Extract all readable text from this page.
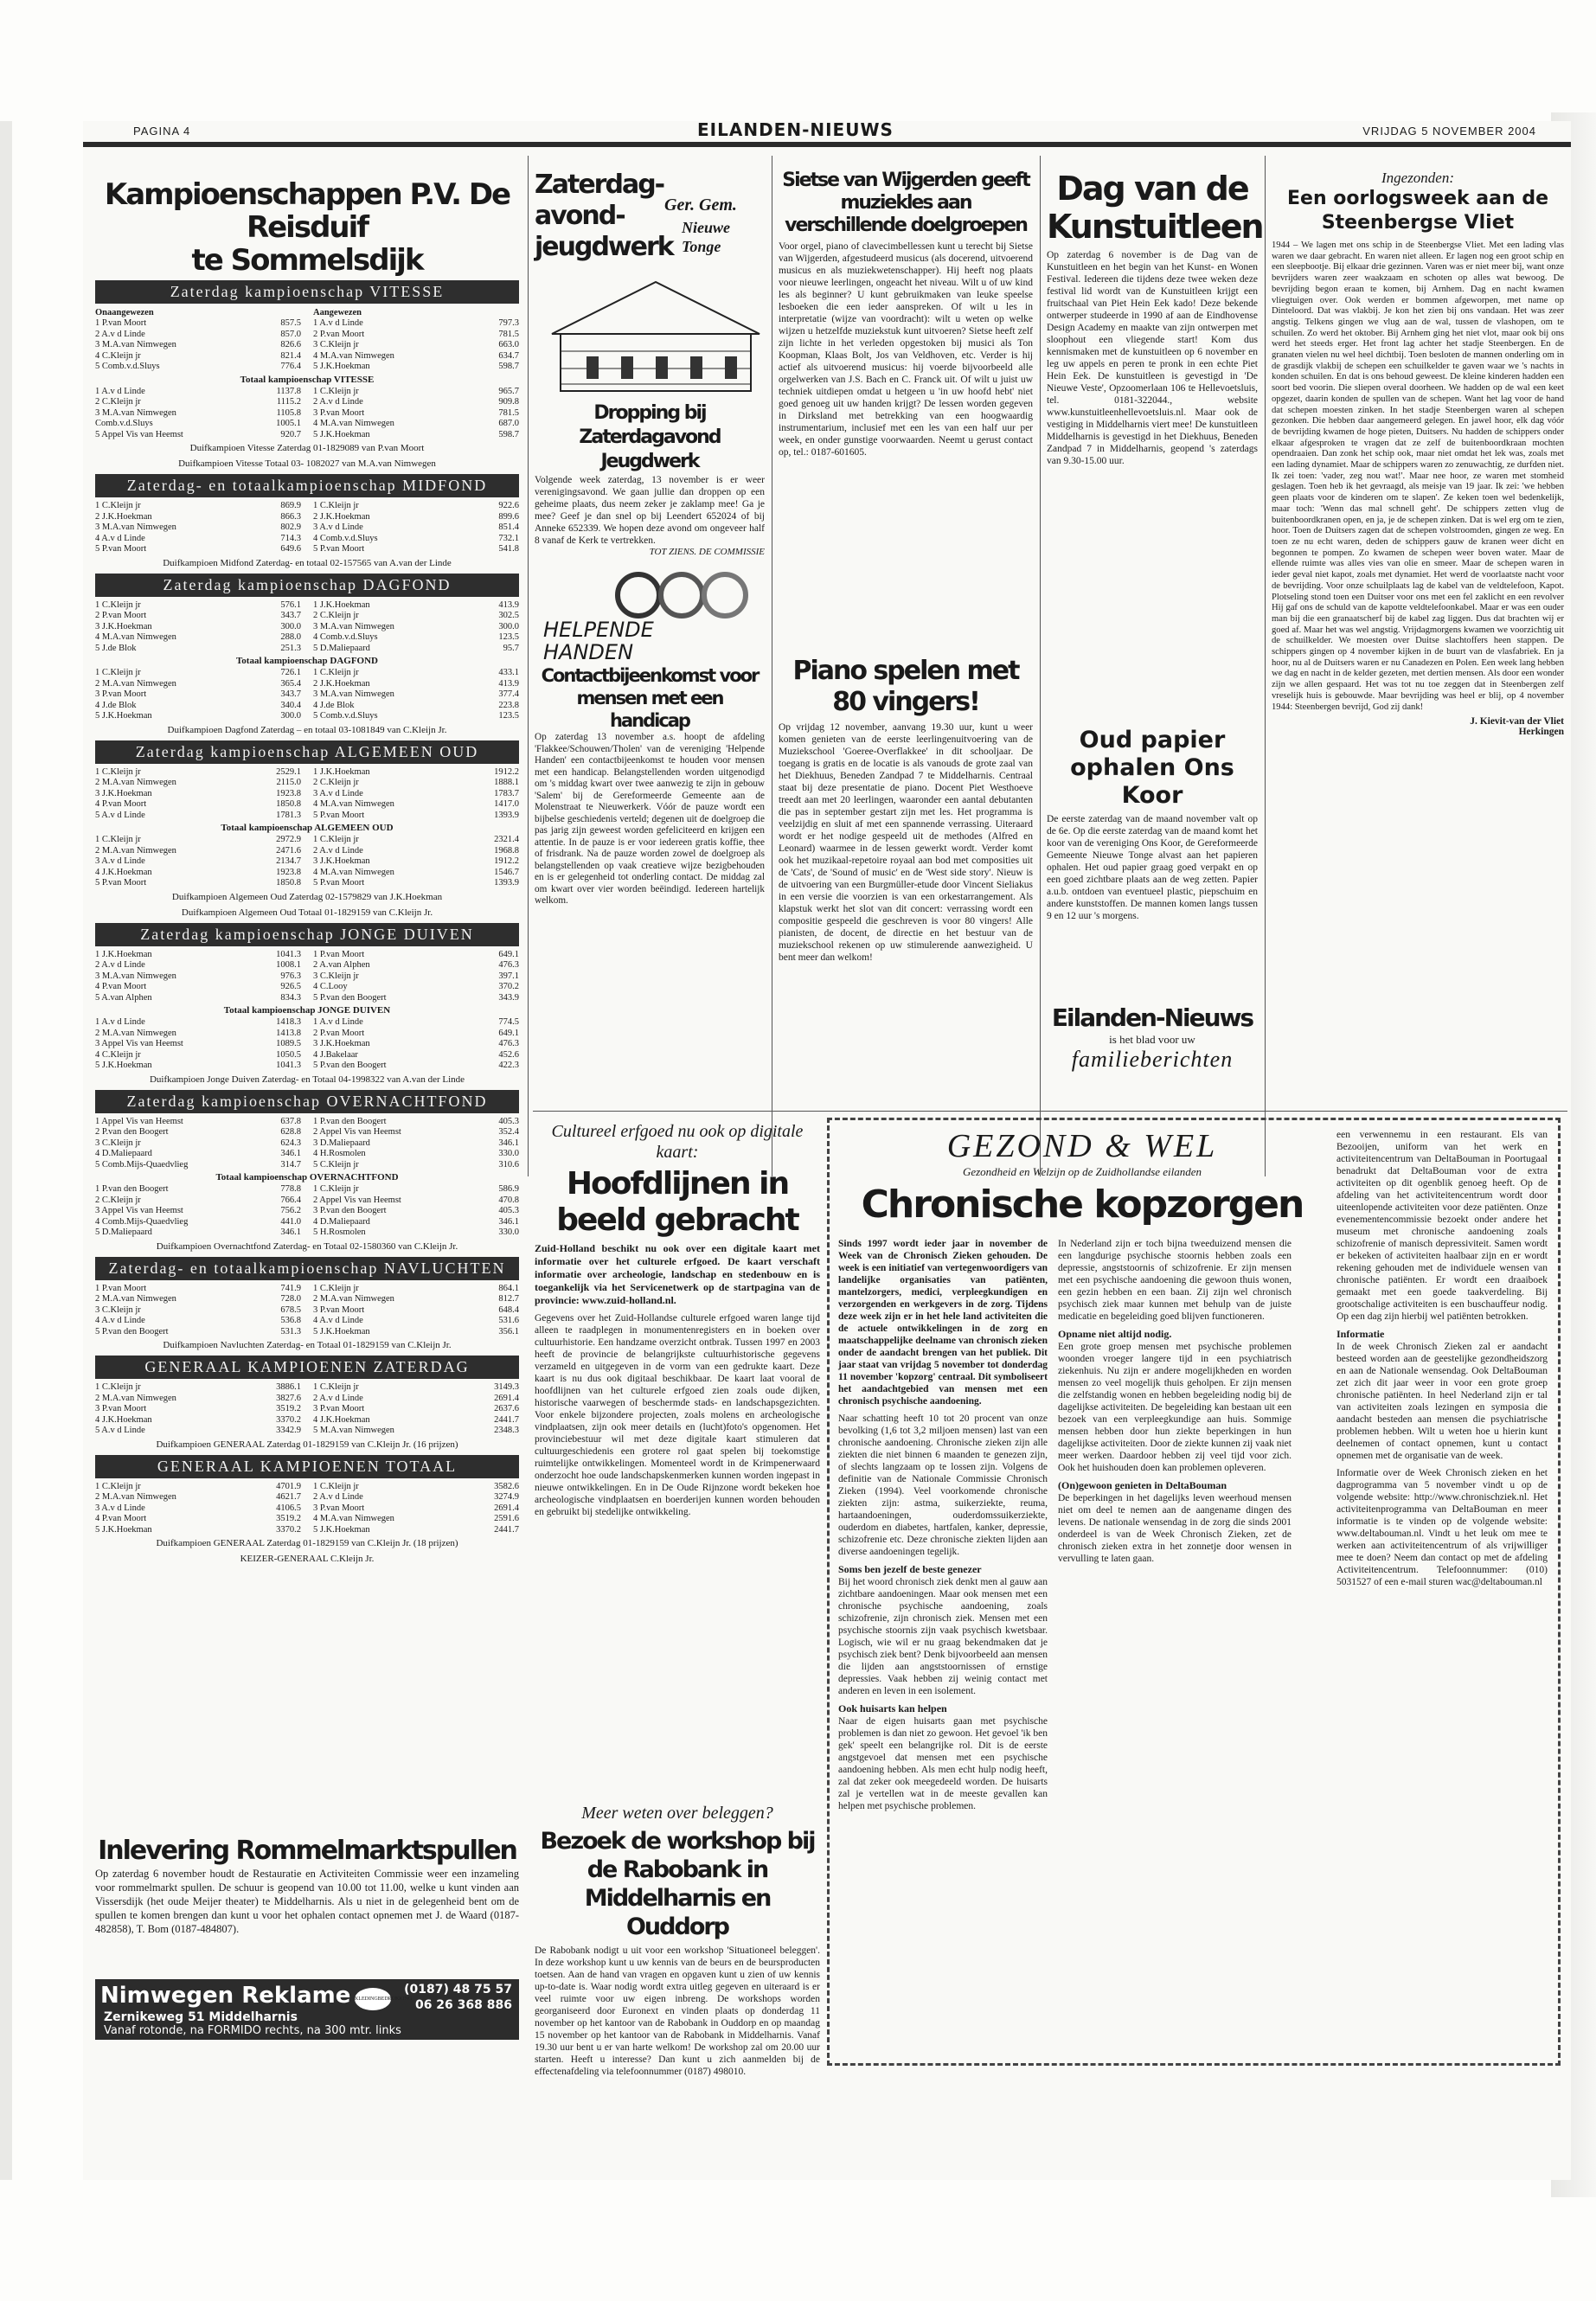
PAGINA 4	EILANDEN-NIEUWS	VRIJDAG 5 NOVEMBER 2004
Kampioenschappen P.V. De Reisduif
te Sommelsdijk
Zaterdag kampioenschap VITESSE
Onaangewezen	Aangewezen
1 P.van Moort	857.5
2 A.v d Linde	857.0
3 M.A.van Nimwegen	826.6
4 C.Kleijn jr	821.4
5 Comb.v.d.Sluys	776.4
1 A.v d Linde	797.3
2 P.van Moort	781.5
3 C.Kleijn jr	663.0
4 M.A.van Nimwegen	634.7
5 J.K.Hoekman	598.7
Totaal kampioenschap VITESSE
1 A.v d Linde	1137.8
2 C.Kleijn jr	1115.2
3 M.A.van Nimwegen	1105.8
Comb.v.d.Sluys	1005.1
5 Appel Vis van Heemst	920.7
1 C.Kleijn jr	965.7
2 A.v d Linde	909.8
3 P.van Moort	781.5
4 M.A.van Nimwegen	687.0
5 J.K.Hoekman	598.7
Duifkampioen Vitesse Zaterdag 01-1829089 van P.van Moort
Duifkampioen Vitesse Totaal 03- 1082027 van M.A.van Nimwegen
Zaterdag- en totaalkampioenschap MIDFOND
1 C.Kleijn jr	869.9
2 J.K.Hoekman	866.3
3 M.A.van Nimwegen	802.9
4 A.v d Linde	714.3
5 P.van Moort	649.6
1 C.Kleijn jr	922.6
2 J.K.Hoekman	899.6
3 A.v d Linde	851.4
4 Comb.v.d.Sluys	732.1
5 P.van Moort	541.8
Duifkampioen Midfond Zaterdag- en totaal 02-157565 van A.van der Linde
Zaterdag kampioenschap DAGFOND
1 C.Kleijn jr	576.1
2 P.van Moort	343.7
3 J.K.Hoekman	300.0
4 M.A.van Nimwegen	288.0
5 J.de Blok	251.3
1 J.K.Hoekman	413.9
2 C.Kleijn jr	302.5
3 M.A.van Nimwegen	300.0
4 Comb.v.d.Sluys	123.5
5 D.Maliepaard	95.7
Totaal kampioenschap DAGFOND
1 C.Kleijn jr	726.1
2 M.A.van Nimwegen	365.4
3 P.van Moort	343.7
4 J.de Blok	340.4
5 J.K.Hoekman	300.0
1 C.Kleijn jr	433.1
2 J.K.Hoekman	413.9
3 M.A.van Nimwegen	377.4
4 J.de Blok	223.8
5 Comb.v.d.Sluys	123.5
Duifkampioen Dagfond Zaterdag – en totaal 03-1081849 van C.Kleijn Jr.
Zaterdag kampioenschap ALGEMEEN OUD
1 C.Kleijn jr	2529.1
2 M.A.van Nimwegen	2115.0
3 J.K.Hoekman	1923.8
4 P.van Moort	1850.8
5 A.v d Linde	1781.3
1 J.K.Hoekman	1912.2
2 C.Kleijn jr	1888.1
3 A.v d Linde	1783.7
4 M.A.van Nimwegen	1417.0
5 P.van Moort	1393.9
Totaal kampioenschap ALGEMEEN OUD
1 C.Kleijn jr	2972.9
2 M.A.van Nimwegen	2471.6
3 A.v d Linde	2134.7
4 J.K.Hoekman	1923.8
5 P.van Moort	1850.8
1 C.Kleijn jr	2321.4
2 A.v d Linde	1968.8
3 J.K.Hoekman	1912.2
4 M.A.van Nimwegen	1546.7
5 P.van Moort	1393.9
Duifkampioen Algemeen Oud Zaterdag 02-1579829 van J.K.Hoekman
Duifkampioen Algemeen Oud Totaal 01-1829159 van C.Kleijn Jr.
Zaterdag kampioenschap JONGE DUIVEN
1 J.K.Hoekman	1041.3
2 A.v d Linde	1008.1
3 M.A.van Nimwegen	976.3
4 P.van Moort	926.5
5 A.van Alphen	834.3
1 P.van Moort	649.1
2 A.van Alphen	476.3
3 C.Kleijn jr	397.1
4 C.Looy	370.2
5 P.van den Boogert	343.9
Totaal kampioenschap JONGE DUIVEN
1 A.v d Linde	1418.3
2 M.A.van Nimwegen	1413.8
3 Appel Vis van Heemst	1089.5
4 C.Kleijn jr	1050.5
5 J.K.Hoekman	1041.3
1 A.v d Linde	774.5
2 P.van Moort	649.1
3 J.K.Hoekman	476.3
4 J.Bakelaar	452.6
5 P.van den Boogert	422.3
Duifkampioen Jonge Duiven Zaterdag- en Totaal 04-1998322 van A.van der Linde
Zaterdag kampioenschap OVERNACHTFOND
1 Appel Vis van Heemst	637.8
2 P.van den Boogert	628.8
3 C.Kleijn jr	624.3
4 D.Maliepaard	346.1
5 Comb.Mijs-Quaedvlieg	314.7
1 P.van den Boogert	405.3
2 Appel Vis van Heemst	352.4
3 D.Maliepaard	346.1
4 H.Rosmolen	330.0
5 C.Kleijn jr	310.6
Totaal kampioenschap OVERNACHTFOND
1 P.van den Boogert	778.8
2 C.Kleijn jr	766.4
3 Appel Vis van Heemst	756.2
4 Comb.Mijs-Quaedvlieg	441.0
5 D.Maliepaard	346.1
1 C.Kleijn jr	586.9
2 Appel Vis van Heemst	470.8
3 P.van den Boogert	405.3
4 D.Maliepaard	346.1
5 H.Rosmolen	330.0
Duifkampioen Overnachtfond Zaterdag- en Totaal 02-1580360 van C.Kleijn Jr.
Zaterdag- en totaalkampioenschap NAVLUCHTEN
1 P.van Moort	741.9
2 M.A.van Nimwegen	728.0
3 C.Kleijn jr	678.5
4 A.v d Linde	536.8
5 P.van den Boogert	531.3
1 C.Kleijn jr	864.1
2 M.A.van Nimwegen	812.7
3 P.van Moort	648.4
4 A.v d Linde	531.6
5 J.K.Hoekman	356.1
Duifkampioen Navluchten Zaterdag- en Totaal 01-1829159 van C.Kleijn Jr.
GENERAAL KAMPIOENEN ZATERDAG
1 C.Kleijn jr	3886.1
2 M.A.van Nimwegen	3827.6
3 P.van Moort	3519.2
4 J.K.Hoekman	3370.2
5 A.v d Linde	3342.9
1 C.Kleijn jr	3149.3
2 A.v d Linde	2691.4
3 P.van Moort	2637.6
4 J.K.Hoekman	2441.7
5 M.A.van Nimwegen	2348.3
Duifkampioen GENERAAL Zaterdag 01-1829159 van C.Kleijn Jr. (16 prijzen)
GENERAAL KAMPIOENEN TOTAAL
1 C.Kleijn jr	4701.9
2 M.A.van Nimwegen	4621.7
3 A.v d Linde	4106.5
4 P.van Moort	3519.2
5 J.K.Hoekman	3370.2
1 C.Kleijn jr	3582.6
2 A.v d Linde	3274.9
3 P.van Moort	2691.4
4 M.A.van Nimwegen	2591.6
5 J.K.Hoekman	2441.7
Duifkampioen GENERAAL Zaterdag 01-1829159 van C.Kleijn Jr. (18 prijzen)
KEIZER-GENERAAL C.Kleijn Jr.
Inlevering Rommelmarktspullen
Op zaterdag 6 november houdt de Restauratie en Activiteiten Commissie weer een inzameling voor rommelmarkt spullen. De schuur is geopend van 10.00 tot 11.00, welke u kunt vinden aan Vissersdijk (het oude Meijer theater) te Middelharnis. Als u niet in de gelegenheid bent om de spullen te komen brengen dan kunt u voor het ophalen contact opnemen met J. de Waard (0187-482858), T. Bom (0187-484807).
Nimwegen Reklame
Zernikeweg 51 Middelharnis
KLEDINGBEDRUKKING
(0187) 48 75 57
06 26 368 886
Vanaf rotonde, na FORMIDO rechts, na 300 mtr. links
Zaterdag-avond-jeugdwerk
Ger. Gem.
Nieuwe Tonge
Dropping bij Zaterdagavond Jeugdwerk
Volgende week zaterdag, 13 november is er weer verenigingsavond. We gaan jullie dan droppen op een geheime plaats, dus neem zeker je zaklamp mee! Ga je mee? Geef je dan snel op bij Leendert 652024 of bij Anneke 652339. We hopen deze avond om ongeveer half 8 vanaf de Kerk te vertrekken.
TOT ZIENS. DE COMMISSIE
HELPENDE
HANDEN
Contactbijeenkomst voor mensen met een handicap
Op zaterdag 13 november a.s. hoopt de afdeling 'Flakkee/Schouwen/Tholen' van de vereniging 'Helpende Handen' een contactbijeenkomst te houden voor mensen met een handicap. Belangstellenden worden uitgenodigd om 's middag kwart over twee aanwezig te zijn in gebouw 'Salem' bij de Gereformeerde Gemeente aan de Molenstraat te Nieuwerkerk. Vóór de pauze wordt een bijbelse geschiedenis verteld; degenen uit de doelgroep die pas jarig zijn geweest worden gefeliciteerd en krijgen een attentie. In de pauze is er voor iedereen gratis koffie, thee of frisdrank. Na de pauze worden zowel de doelgroep als belangstellenden op vaak creatieve wijze bezigbehouden en is er gelegenheid tot onderling contact. De middag zal om kwart over vier worden beëindigd. Iedereen hartelijk welkom.
Sietse van Wijgerden geeft muziekles aan verschillende doelgroepen
Voor orgel, piano of clavecimbellessen kunt u terecht bij Sietse van Wijgerden, afgestudeerd musicus (als docerend, uitvoerend musicus en als muziekwetenschapper). Hij heeft nog plaats voor nieuwe leerlingen, ongeacht het niveau. Wilt u of uw kind les als beginner? U kunt gebruikmaken van leuke speelse lesboeken die een ieder aanspreken. Of wilt u les in interpretatie (wijze van voordracht): wilt u weten op welke wijzen u hetzelfde muziekstuk kunt uitvoeren? Sietse heeft zelf zijn lichte in het verleden opgestoken bij musici als Ton Koopman, Klaas Bolt, Jos van Veldhoven, etc. Verder is hij actief als uitvoerend musicus: hij voerde bijvoorbeeld alle orgelwerken van J.S. Bach en C. Franck uit. Of wilt u juist uw techniek uitdiepen omdat u hetgeen u 'in uw hoofd hebt' niet goed genoeg uit uw handen krijgt? De lessen worden gegeven in Dirksland met betrekking van een hoogwaardig instrumentarium, inclusief met een les van een half uur per week, en onder gunstige voorwaarden. Neemt u gerust contact op, tel.: 0187-601605.
Piano spelen met 80 vingers!
Op vrijdag 12 november, aanvang 19.30 uur, kunt u weer komen genieten van de eerste leerlingenuitvoering van de Muziekschool 'Goeree-Overflakkee' in dit schooljaar. De toegang is gratis en de locatie is als vanouds de grote zaal van het Diekhuus, Beneden Zandpad 7 te Middelharnis. Centraal staat bij deze presentatie de piano. Docent Piet Westhoeve treedt aan met 20 leerlingen, waaronder een aantal debutanten die pas in september gestart zijn met les. Het programma is veelzijdig en sluit af met een spannende verrassing. Uiteraard wordt er het nodige gespeeld uit de methodes (Alfred en Leonard) waarmee in de lessen gewerkt wordt. Verder komt ook het muzikaal-repetoire royaal aan bod met composities uit de 'Cats', de 'Sound of music' en de 'West side story'. Nieuw is de uitvoering van een Burgmüller-etude door Vincent Sieliakus in een versie die voorzien is van een orkestarrangement. Als klapstuk werkt het slot van dit concert: verrassing wordt een compositie gespeeld die geschreven is voor 80 vingers! Alle pianisten, de docent, de directie en het bestuur van de muziekschool rekenen op uw stimulerende aanwezigheid. U bent meer dan welkom!
Dag van de Kunstuitleen
Op zaterdag 6 november is de Dag van de Kunstuitleen en het begin van het Kunst- en Wonen Festival. Iedereen die tijdens deze twee weken deze festival lid wordt van de Kunstuitleen krijgt een fruitschaal van Piet Hein Eek kado! Deze bekende ontwerper studeerde in 1990 af aan de Eindhovense Design Academy en maakte van zijn ontwerpen met sloophout een vliegende start! Kom dus kennismaken met de kunstuitleen op 6 november en leg uw appels en peren te pronk in een echte Piet Hein Eek. De kunstuitleen is gevestigd in 'De Nieuwe Veste', Opzoomerlaan 106 te Hellevoetsluis, tel. 0181-322044., website www.kunstuitleenhellevoetsluis.nl. Maar ook de vestiging in Middelharnis viert mee! De kunstuitleen Middelharnis is gevestigd in het Diekhuus, Beneden Zandpad 7 in Middelharnis, geopend 's zaterdags van 9.30-15.00 uur.
Oud papier ophalen Ons Koor
De eerste zaterdag van de maand november valt op de 6e. Op die eerste zaterdag van de maand komt het koor van de vereniging Ons Koor, de Gereformeerde Gemeente Nieuwe Tonge alvast aan het papieren ophalen. Het oud papier graag goed verpakt en op een goed zichtbare plaats aan de weg zetten. Papier a.u.b. ontdoen van eventueel plastic, piepschuim en andere kunststoffen. De mannen komen langs tussen 9 en 12 uur 's morgens.
Eilanden-Nieuws
is het blad voor uw
familieberichten
Ingezonden:
Een oorlogsweek aan de Steenbergse Vliet
1944 – We lagen met ons schip in de Steenbergse Vliet. Met een lading vlas waren we daar gebracht. En waren niet alleen. Er lagen nog een groot schip en een sleepbootje. Bij elkaar drie gezinnen. Varen was er niet meer bij, want onze bevrijders waren zeer waakzaam en schoten op alles wat bewoog. De bevrijding begon eraan te komen, bij Arnhem. Dag en nacht kwamen vliegtuigen over. Ook werden er bommen afgeworpen, met name op Dinteloord. Dat was vlakbij. Je kon het zien bij ons vandaan. Het was zeer angstig. Telkens gingen we vlug aan de wal, tussen de vlashopen, om te schuilen. Zo werd het oktober. Bij Arnhem ging het niet vlot, maar ook bij ons werd het steeds erger. Het front lag achter het stadje Steenbergen. En de granaten vielen nu wel heel dichtbij. Toen besloten de mannen onderling om in de grasdijk vlakbij de schepen een schuilkelder te gaven waar we 's nachts in konden schuilen. En dat is ons behoud geweest. De kleine kinderen hadden een soort bed voorin. Die sliepen overal doorheen. We hadden op de wal een keet opgezet, daarin konden de spullen van de schepen. Want het lag voor de hand dat schepen moesten zinken. In het stadje Steenbergen waren al schepen gezonken. Die hebben daar aangemeerd gelegen. En jawel hoor, elk dag vóór de bevrijding kwamen de hoge pieten, Duitsers. Nu hadden de schippers onder elkaar afgesproken te vragen dat ze zelf de buitenboordkraan mochten opendraaien. Dan zonk het schip ook, maar niet omdat het lek was, zoals met een lading dynamiet. Maar de schippers waren zo zenuwachtig, ze durfden niet. Ik zei toen: 'vader, zeg nou wat!'. Maar nee hoor, ze waren met stomheid geslagen. Toen heb ik het gevraagd, als meisje van 19 jaar. Ik zei: 'we hebben geen plaats voor de kinderen om te slapen'. Ze keken toen wel bedenkelijk, maar toch: 'Wenn das mal schnell geht'. De schippers zetten vlug de buitenboordkranen open, en ja, je de schepen zinken. Dat is wel erg om te zien, hoor. Toen de Duitsers zagen dat de schepen volstroomden, gingen ze weg. En toen ze nu echt waren, deden de schippers gauw de kranen weer dicht en begonnen te pompen. Zo kwamen de schepen weer boven water. Maar de ellende ruimte was alles vies van olie en smeer. Maar de schepen waren in ieder geval niet kapot, zoals met dynamiet. Het werd de voorlaatste nacht voor de bevrijding. Voor onze schuilplaats lag de kabel van de veldtelefoon, Kapot. Plotseling stond toen een Duitser voor ons met een fel zaklicht en een revolver Hij gaf ons de schuld van de kapotte veldtelefoonkabel. Maar er was een ouder man bij die een granaatscherf bij de kabel zag liggen. Dus dat brachten wij er goed af. Maar het was wel angstig. Vrijdagmorgens kwamen we voorzichtig uit de schuilkelder. We moesten over Duitse slachtoffers heen stappen. De schippers gingen op 4 november kijken in de buurt van de vlasfabriek. En ja hoor, nu al de Duitsers waren er nu Canadezen en Polen. Een week lang hebben we dag en nacht in de kelder gezeten, met dertien mensen. Als door een wonder zijn we allen gespaard. Het was tot nu toe zeggen dat in Steenbergen zelf vreselijk huis is gebouwde. Maar bevrijding was heel er blij, op 4 november 1944: Steenbergen bevrijd, God zij dank!
J. Kievit-van der Vliet
Herkingen
Cultureel erfgoed nu ook op digitale kaart:
Hoofdlijnen in beeld gebracht
Zuid-Holland beschikt nu ook over een digitale kaart met informatie over het culturele erfgoed. De kaart verschaft informatie over archeologie, landschap en stedenbouw en is toegankelijk via het Servicenetwerk op de startpagina van de provincie: www.zuid-holland.nl.
Gegevens over het Zuid-Hollandse culturele erfgoed waren lange tijd alleen te raadplegen in monumentenregisters en in boeken over cultuurhistorie. Een handzame overzicht ontbrak. Tussen 1997 en 2003 heeft de provincie de belangrijkste cultuurhistorische gegevens verzameld en uitgegeven in de vorm van een gedrukte kaart. Deze kaart is nu dus ook digitaal beschikbaar. De kaart laat vooral de hoofdlijnen van het culturele erfgoed zien zoals oude dijken, historische vaarwegen of beschermde stads- en landschapsgezichten. Voor enkele bijzondere projecten, zoals molens en archeologische vindplaatsen, zijn ook meer details en (lucht)foto's opgenomen. Het provinciebestuur wil met deze digitale kaart stimuleren dat cultuurgeschiedenis een grotere rol gaat spelen bij toekomstige ruimtelijke ontwikkelingen. Momenteel wordt in de Krimpenerwaard onderzocht hoe oude landschapskenmerken kunnen worden ingepast in nieuwe ontwikkelingen. En in De Oude Rijnzone wordt bekeken hoe archeologische vindplaatsen en boerderijen kunnen worden behouden en gebruikt bij stedelijke ontwikkeling.
Meer weten over beleggen?
Bezoek de workshop bij de Rabobank in Middelharnis en Ouddorp
De Rabobank nodigt u uit voor een workshop 'Situationeel beleggen'. In deze workshop kunt u uw kennis van de beurs en de beursproducten toetsen. Aan de hand van vragen en opgaven kunt u zien of uw kennis up-to-date is. Waar nodig wordt extra uitleg gegeven en uiteraard is er veel ruimte voor uw eigen inbreng. De workshops worden georganiseerd door Euronext en vinden plaats op donderdag 11 november op het kantoor van de Rabobank in Ouddorp en op maandag 15 november op het kantoor van de Rabobank in Middelharnis. Vanaf 19.30 uur bent u er van harte welkom! De workshop zal om 20.00 uur starten. Heeft u interesse? Dan kunt u zich aanmelden bij de effectenafdeling via telefoonnummer (0187) 498010.
GEZOND & WEL
Gezondheid en Welzijn op de Zuidhollandse eilanden
Chronische kopzorgen
Sinds 1997 wordt ieder jaar in november de Week van de Chronisch Zieken gehouden. De week is een initiatief van vertegenwoordigers van landelijke organisaties van patiënten, mantelzorgers, medici, verpleegkundigen en verzorgenden en werkgevers in de zorg. Tijdens deze week zijn er in het hele land activiteiten die de actuele ontwikkelingen in de zorg en maatschappelijke deelname van chronisch zieken onder de aandacht brengen van het publiek. Dit jaar staat van vrijdag 5 november tot donderdag 11 november 'kopzorg' centraal. Dit symboliseert het aandachtgebied van mensen met een chronisch psychische aandoening.
Naar schatting heeft 10 tot 20 procent van onze bevolking (1,6 tot 3,2 miljoen mensen) last van een chronische aandoening. Chronische zieken zijn alle ziekten die niet binnen 6 maanden te genezen zijn, of slechts langzaam op te lossen zijn. Volgens de definitie van de Nationale Commissie Chronisch Zieken (1994). Veel voorkomende chronische ziekten zijn: astma, suikerziekte, reuma, hartaandoeningen, ouderdomssuikerziekte, ouderdom en diabetes, hartfalen, kanker, depressie, schizofrenie etc. Deze chronische ziekten lijden aan diverse aandoeningen tegelijk.
Soms ben jezelf de beste genezer
Bij het woord chronisch ziek denkt men al gauw aan zichtbare aandoeningen. Maar ook mensen met een chronische psychische aandoening, zoals schizofrenie, zijn chronisch ziek. Mensen met een psychische stoornis zijn vaak psychisch kwetsbaar. Logisch, wie wil er nu graag bekendmaken dat je psychisch ziek bent? Denk bijvoorbeeld aan mensen die lijden aan angststoornissen of ernstige depressies. Vaak hebben zij weinig contact met anderen en leven in een isolement.
Ook huisarts kan helpen
Naar de eigen huisarts gaan met psychische problemen is dan niet zo gewoon. Het gevoel 'ik ben gek' speelt een belangrijke rol. Dit is de eerste angstgevoel dat mensen met een psychische aandoening hebben. Als men echt hulp nodig heeft, zal dat zeker ook meegedeeld worden. De huisarts zal je vertellen wat in de meeste gevallen kan helpen met psychische problemen.
In Nederland zijn er toch bijna tweeduizend mensen die een langdurige psychische stoornis hebben zoals een depressie, angststoornis of schizofrenie. Er zijn mensen met een psychische aandoening die gewoon thuis wonen, een gezin hebben en een baan. Zij zijn wel chronisch psychisch ziek maar kunnen met behulp van de juiste medicatie en begeleiding goed blijven functioneren.
Opname niet altijd nodig.
Een grote groep mensen met psychische problemen woonden vroeger langere tijd in een psychiatrisch ziekenhuis. Nu zijn er andere mogelijkheden en worden mensen zo veel mogelijk thuis geholpen. Er zijn mensen die zelfstandig wonen en hebben begeleiding nodig bij de dagelijkse activiteiten. De begeleiding kan bestaan uit een bezoek van een verpleegkundige aan huis. Sommige mensen hebben door hun ziekte beperkingen in hun dagelijkse activiteiten. Door de ziekte kunnen zij vaak niet meer werken. Daardoor hebben zij veel tijd voor zich. Ook het huishouden doen kan problemen opleveren.
(On)gewoon genieten in DeltaBouman
De beperkingen in het dagelijks leven weerhoud mensen niet om deel te nemen aan de aangename dingen des levens. De nationale wensendag in de zorg die sinds 2001 onderdeel is van de Week Chronisch Zieken, zet de chronisch zieken extra in het zonnetje door wensen in vervulling te laten gaan.
een verwennemu in een restaurant. Els van Bezooijen, uniform van het werk en activiteitencentrum van DeltaBouman in Poortugaal benadrukt dat DeltaBouman voor de extra activiteiten op dit ogenblik genoeg heeft. Op de afdeling van het activiteitencentrum wordt door uiteenlopende activiteiten voor deze patiënten. Onze evenementencommissie bezoekt onder andere het museum met chronische aandoening zoals schizofrenie of manisch depressiviteit. Samen wordt er bekeken of activiteiten haalbaar zijn en er wordt rekening gehouden met de individuele wensen van chronische patiënten. Er wordt een draaiboek gemaakt met een goede taakverdeling. Bij grootschalige activiteiten is een buschauffeur nodig. Op een dag zijn hierbij wel patiënten betrokken.
Informatie
In de week Chronisch Zieken zal er aandacht besteed worden aan de geestelijke gezondheidszorg en aan de Nationale wensendag. Ook DeltaBouman zet zich dit jaar weer in voor een grote groep chronische patiënten. In heel Nederland zijn er tal van activiteiten zoals lezingen en symposia die aandacht besteden aan mensen die psychiatrische problemen hebben. Wilt u weten hoe u hierin kunt deelnemen of contact opnemen, kunt u contact opnemen met de organisatie van de week.
Informatie over de Week Chronisch zieken en het dagprogramma van 5 november vindt u op de volgende website: http://www.chronischziek.nl. Het activiteitenprogramma van DeltaBouman en meer informatie is te vinden op de volgende website: www.deltabouman.nl. Vindt u het leuk om mee te werken aan activiteitencentrum of als vrijwilliger mee te doen? Neem dan contact op met de afdeling Activiteitencentrum. Telefoonnummer: (010) 5031527 of een e-mail sturen wac@deltabouman.nl
